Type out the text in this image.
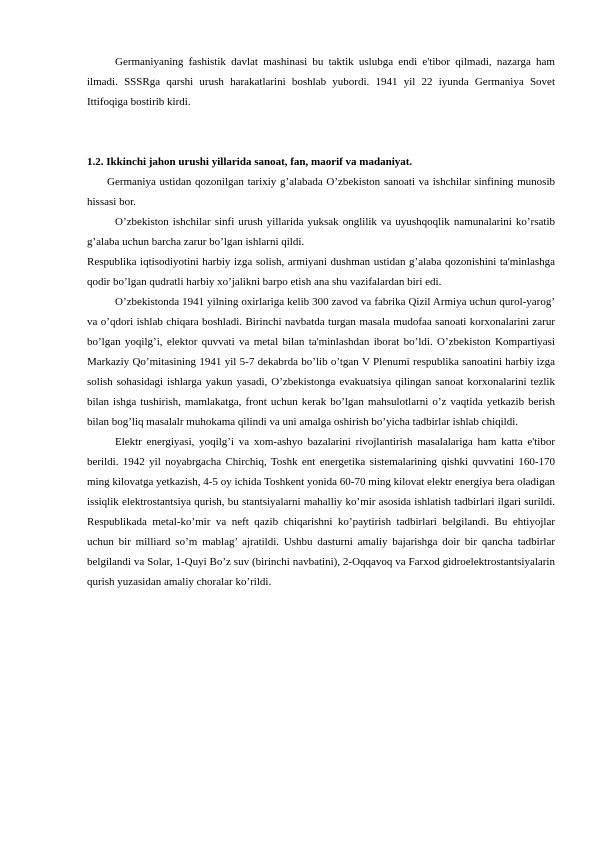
Germaniyaning fashistik davlat mashinasi bu taktik uslubga endi e'tibor qilmadi, nazarga ham ilmadi. SSSRga qarshi urush harakatlarini boshlab yubordi. 1941 yil 22 iyunda Germaniya Sovet Ittifoqiga bostirib kirdi.

1.2. Ikkinchi jahon urushi yillarida sanoat, fan, maorif va madaniyat.

Germaniya ustidan qozonilgan tarixiy g’alabada O’zbekiston sanoati va ishchilar sinfining munosib hissasi bor.

O’zbekiston ishchilar sinfi urush yillarida yuksak onglilik va uyushqoqlik namunalarini ko’rsatib g’alaba uchun barcha zarur bo’lgan ishlarni qildi.

Respublika iqtisodiyotini harbiy izga solish, armiyani dushman ustidan g’alaba qozonishini ta'minlashga qodir bo’lgan qudratli harbiy xo’jalikni barpo etish ana shu vazifalardan biri edi.

O’zbekistonda 1941 yilning oxirlariga kelib 300 zavod va fabrika Qizil Armiya uchun qurol-yarog’ va o’qdori ishlab chiqara boshladi. Birinchi navbatda turgan masala mudofaa sanoati korxonalarini zarur bo’lgan yoqilg’i, elektor quvvati va metal bilan ta'minlashdan iborat bo’ldi. O’zbekiston Kompartiyasi Markaziy Qo’mitasining 1941 yil 5-7 dekabrda bo’lib o’tgan V Plenumi respublika sanoatini harbiy izga solish sohasidagi ishlarga yakun yasadi, O’zbekistonga evakuatsiya qilingan sanoat korxonalarini tezlik bilan ishga tushirish, mamlakatga, front uchun kerak bo’lgan mahsulotlarni o’z vaqtida yetkazib berish bilan bog’liq masalalr muhokama qilindi va uni amalga oshirish bo’yicha tadbirlar ishlab chiqildi.

Elektr energiyasi, yoqilg’i va xom-ashyo bazalarini rivojlantirish masalalariga ham katta e'tibor berildi. 1942 yil noyabrgacha Chirchiq, Toshk ent energetika sistemalarining qishki quvvatini 160-170 ming kilovatga yetkazish, 4-5 oy ichida Toshkent yonida 60-70 ming kilovat elektr energiya bera oladigan issiqlik elektrostantsiya qurish, bu stantsiyalarni mahalliy ko’mir asosida ishlatish tadbirlari ilgari surildi. Respublikada metal-ko’mir va neft qazib chiqarishni ko’paytirish tadbirlari belgilandi. Bu ehtiyojlar uchun bir milliard so’m mablag’ ajratildi. Ushbu dasturni amaliy bajarishga doir bir qancha tadbirlar belgilandi va Solar, 1-Quyi Bo’z suv (birinchi navbatini), 2-Oqqavoq va Farxod gidroelektrostantsiyalarin qurish yuzasidan amaliy choralar ko’rildi.
